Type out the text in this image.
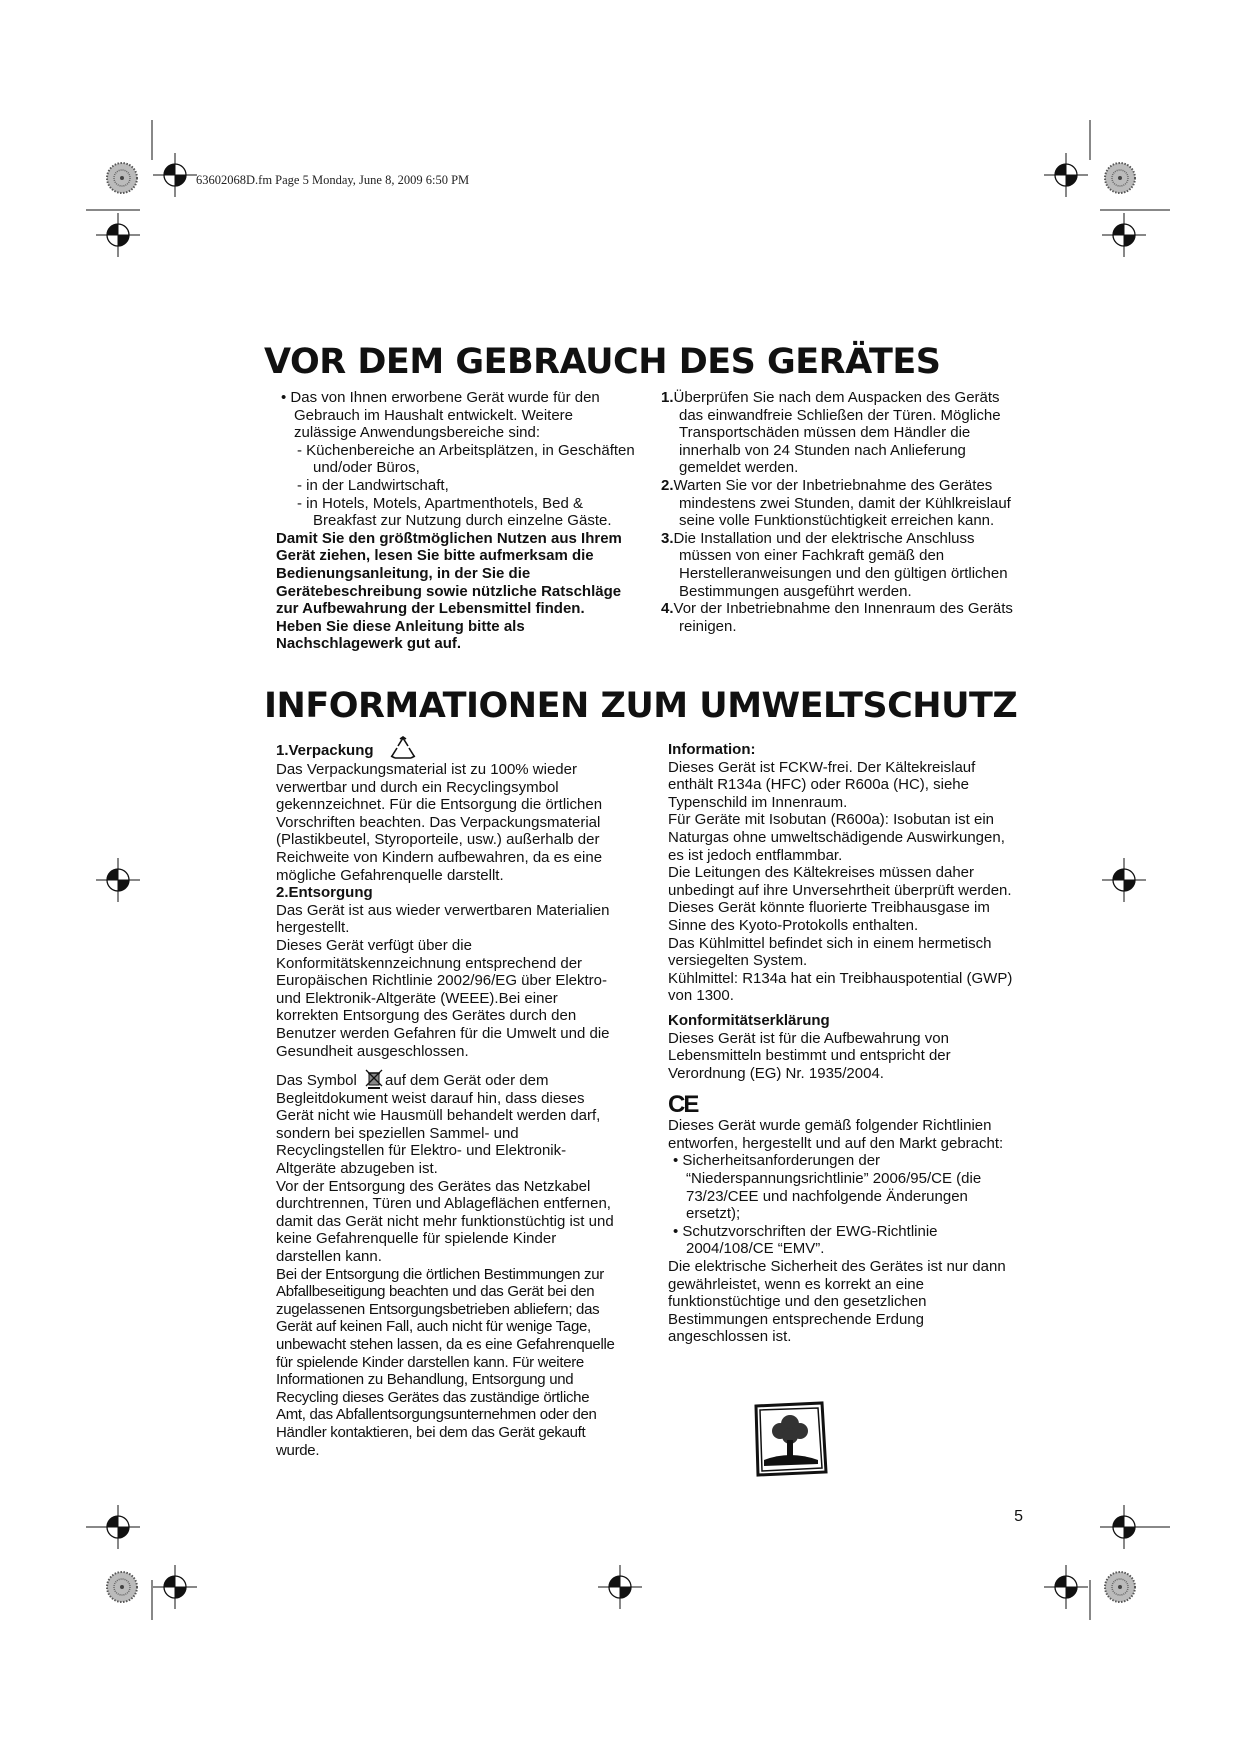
63602068D.fm Page 5 Monday, June 8, 2009 6:50 PM
VOR DEM GEBRAUCH DES GERÄTES

• Das von Ihnen erworbene Gerät wurde für den Gebrauch im Haushalt entwickelt. Weitere zulässige Anwendungsbereiche sind:

- Küchenbereiche an Arbeitsplätzen, in Geschäften und/oder Büros,

- in der Landwirtschaft,

- in Hotels, Motels, Apartmenthotels, Bed & Breakfast zur Nutzung durch einzelne Gäste.

Damit Sie den größtmöglichen Nutzen aus Ihrem Gerät ziehen, lesen Sie bitte aufmerksam die Bedienungsanleitung, in der Sie die Gerätebeschreibung sowie nützliche Ratschläge zur Aufbewahrung der Lebensmittel finden.

Heben Sie diese Anleitung bitte als Nachschlagewerk gut auf.

1.Überprüfen Sie nach dem Auspacken des Geräts das einwandfreie Schließen der Türen. Mögliche Transportschäden müssen dem Händler die innerhalb von 24 Stunden nach Anlieferung gemeldet werden.

2.Warten Sie vor der Inbetriebnahme des Gerätes mindestens zwei Stunden, damit der Kühlkreislauf seine volle Funktionstüchtigkeit erreichen kann.

3.Die Installation und der elektrische Anschluss müssen von einer Fachkraft gemäß den Herstelleranweisungen und den gültigen örtlichen Bestimmungen ausgeführt werden.

4.Vor der Inbetriebnahme den Innenraum des Geräts reinigen.

INFORMATIONEN ZUM UMWELTSCHUTZ

1.Verpackung

Das Verpackungsmaterial ist zu 100% wieder verwertbar und durch ein Recyclingsymbol gekennzeichnet. Für die Entsorgung die örtlichen Vorschriften beachten. Das Verpackungsmaterial (Plastikbeutel, Styroporteile, usw.) außerhalb der Reichweite von Kindern aufbewahren, da es eine mögliche Gefahrenquelle darstellt.

2.Entsorgung

Das Gerät ist aus wieder verwertbaren Materialien hergestellt.

Dieses Gerät verfügt über die Konformitätskennzeichnung entsprechend der Europäischen Richtlinie 2002/96/EG über Elektro- und Elektronik-Altgeräte (WEEE).Bei einer korrekten Entsorgung des Gerätes durch den Benutzer werden Gefahren für die Umwelt und die Gesundheit ausgeschlossen.

Das Symbol auf dem Gerät oder dem Begleitdokument weist darauf hin, dass dieses Gerät nicht wie Hausmüll behandelt werden darf, sondern bei speziellen Sammel- und Recyclingstellen für Elektro- und Elektronik-Altgeräte abzugeben ist.

Vor der Entsorgung des Gerätes das Netzkabel durchtrennen, Türen und Ablageflächen entfernen, damit das Gerät nicht mehr funktionstüchtig ist und keine Gefahrenquelle für spielende Kinder darstellen kann.

Bei der Entsorgung die örtlichen Bestimmungen zur Abfallbeseitigung beachten und das Gerät bei den zugelassenen Entsorgungsbetrieben abliefern; das Gerät auf keinen Fall, auch nicht für wenige Tage, unbewacht stehen lassen, da es eine Gefahrenquelle für spielende Kinder darstellen kann. Für weitere Informationen zu Behandlung, Entsorgung und Recycling dieses Gerätes das zuständige örtliche Amt, das Abfallentsorgungsunternehmen oder den Händler kontaktieren, bei dem das Gerät gekauft wurde.

Information:

Dieses Gerät ist FCKW-frei. Der Kältekreislauf enthält R134a (HFC) oder R600a (HC), siehe Typenschild im Innenraum.

Für Geräte mit Isobutan (R600a): Isobutan ist ein Naturgas ohne umweltschädigende Auswirkungen, es ist jedoch entflammbar.

Die Leitungen des Kältekreises müssen daher unbedingt auf ihre Unversehrtheit überprüft werden.

Dieses Gerät könnte fluorierte Treibhausgase im Sinne des Kyoto-Protokolls enthalten.

Das Kühlmittel befindet sich in einem hermetisch versiegelten System.

Kühlmittel: R134a hat ein Treibhauspotential (GWP) von 1300.

Konformitätserklärung

Dieses Gerät ist für die Aufbewahrung von Lebensmitteln bestimmt und entspricht der Verordnung (EG) Nr. 1935/2004.

CE

Dieses Gerät wurde gemäß folgender Richtlinien entworfen, hergestellt und auf den Markt gebracht:

• Sicherheitsanforderungen der “Niederspannungsrichtlinie” 2006/95/CE (die 73/23/CEE und nachfolgende Änderungen ersetzt);

• Schutzvorschriften der EWG-Richtlinie 2004/108/CE “EMV”.

Die elektrische Sicherheit des Gerätes ist nur dann gewährleistet, wenn es korrekt an eine funktionstüchtige und den gesetzlichen Bestimmungen entsprechende Erdung angeschlossen ist.

5
